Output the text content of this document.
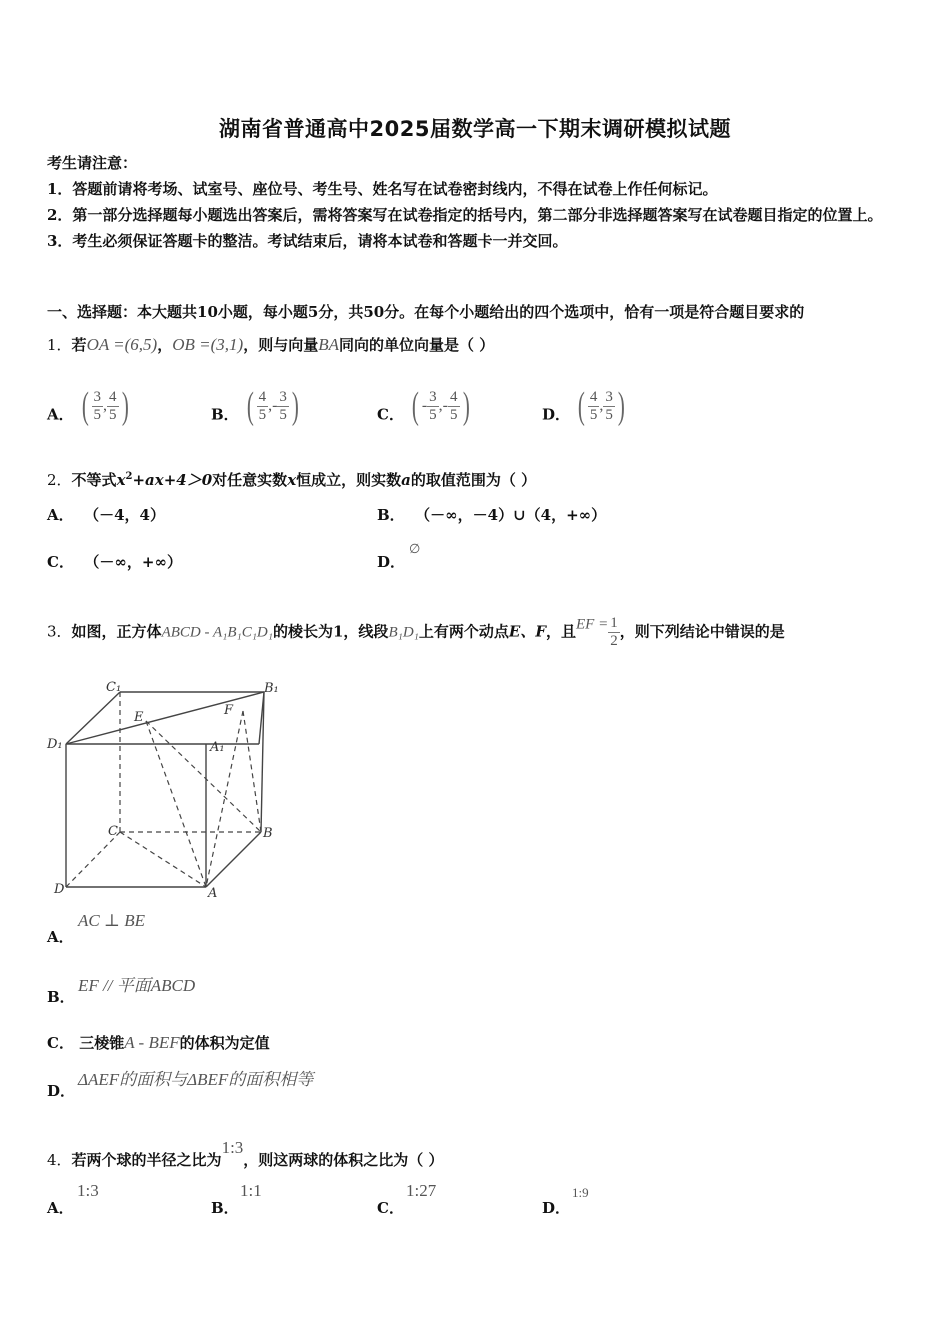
湖南省普通高中2025届数学高一下期末调研模拟试题
考生请注意：
1．答题前请将考场、试室号、座位号、考生号、姓名写在试卷密封线内，不得在试卷上作任何标记。
2．第一部分选择题每小题选出答案后，需将答案写在试卷指定的括号内，第二部分非选择题答案写在试卷题目指定的位置上。
3．考生必须保证答题卡的整洁。考试结束后，请将本试卷和答题卡一并交回。
一、选择题：本大题共10小题，每小题5分，共50分。在每个小题给出的四个选项中，恰有一项是符合题目要求的
1．若OA =(6,5)，OB =(3,1)，则与向量BA同向的单位向量是（ ）
A． ( $\frac{3}{5}$ , $\frac{4}{5}$ )	B． ( $\frac{4}{5}$ , - $\frac{3}{5}$ )	C． ( - $\frac{3}{5}$ , - $\frac{4}{5}$ )	D． ( $\frac{4}{5}$ , $\frac{3}{5}$ )
2．不等式$x^2+ax+4>0$对任意实数x恒成立，则实数a的取值范围为（ ）
A． （－4，4）	B． （－∞，－4）∪（4，+∞）
C． （－∞，+∞）	D．∅
3．如图，正方体ABCD - A₁B₁C₁D₁的棱长为1，线段B₁D₁上有两个动点E、F，且EF = $\frac{1}{2}$ ，则下列结论中错误的是
C₁	B₁
D₁	A₁
E	F
C	B
D	A
A．
AC ⊥ BE
B．
EF // 平面ABCD
C． 三棱锥A - BEF的体积为定值
D．
ΔAEF的面积与ΔBEF的面积相等
4．若两个球的半径之比为1:3，则这两球的体积之比为（ ）
A．
1:3
B．
1:1
C．
1:27
D．
1:9
